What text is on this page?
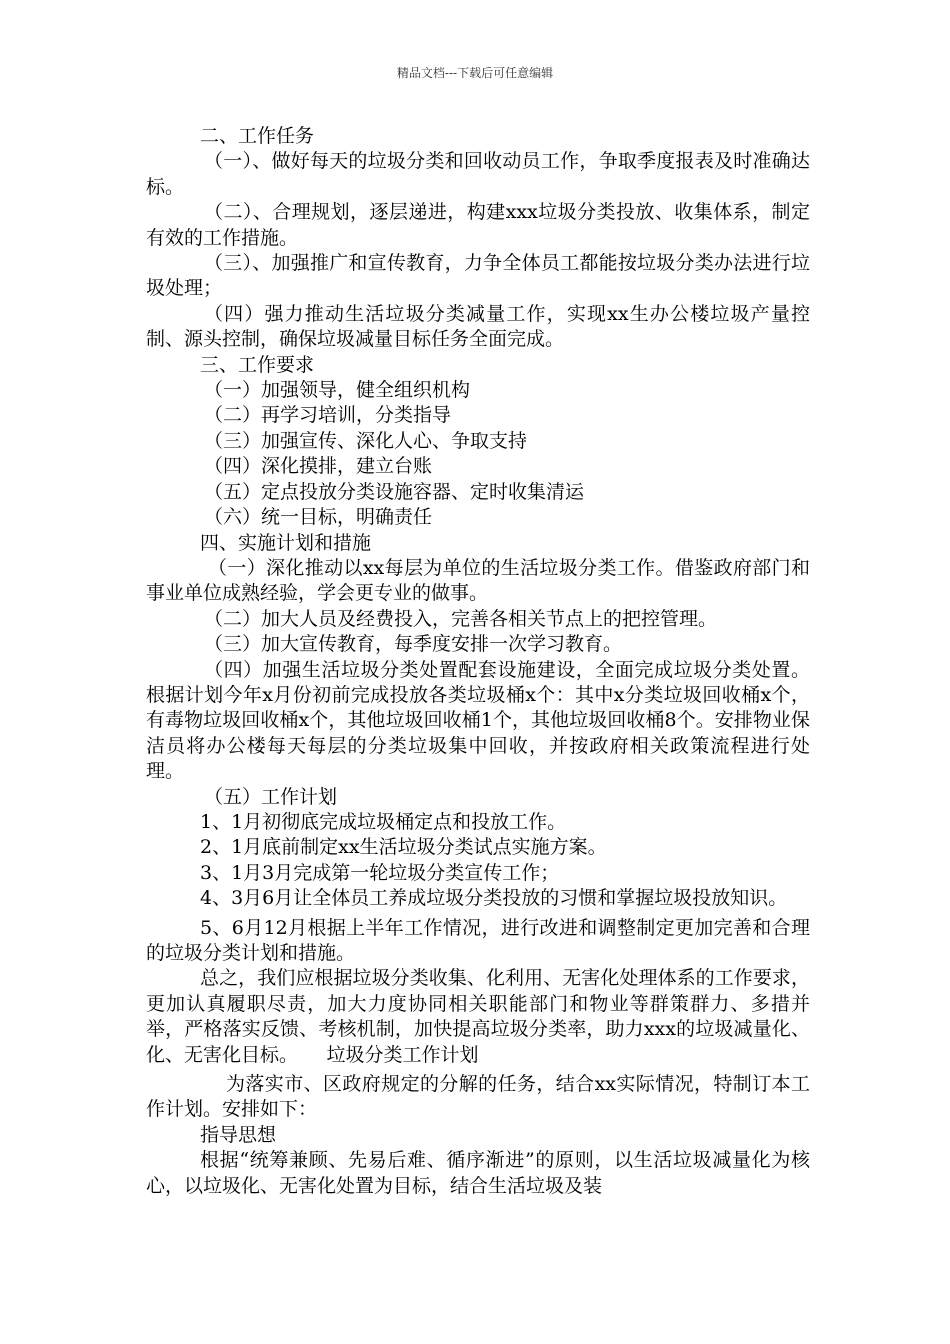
精品文档---下载后可任意编辑

二、工作任务

（一）、做好每天的垃圾分类和回收动员工作，争取季度报表及时准确达标。

（二）、合理规划，逐层递进，构建xxx垃圾分类投放、收集体系，制定有效的工作措施。

（三）、加强推广和宣传教育，力争全体员工都能按垃圾分类办法进行垃圾处理；

（四）强力推动生活垃圾分类减量工作，实现xx生办公楼垃圾产量控制、源头控制，确保垃圾减量目标任务全面完成。

三、工作要求

（一）加强领导，健全组织机构

（二）再学习培训，分类指导

（三）加强宣传、深化人心、争取支持

（四）深化摸排，建立台账

（五）定点投放分类设施容器、定时收集清运

（六）统一目标，明确责任

四、实施计划和措施

（一）深化推动以xx每层为单位的生活垃圾分类工作。借鉴政府部门和事业单位成熟经验，学会更专业的做事。

（二）加大人员及经费投入，完善各相关节点上的把控管理。

（三）加大宣传教育，每季度安排一次学习教育。

（四）加强生活垃圾分类处置配套设施建设，全面完成垃圾分类处置。根据计划今年x月份初前完成投放各类垃圾桶x个：其中x分类垃圾回收桶x个，有毒物垃圾回收桶x个，其他垃圾回收桶1个，其他垃圾回收桶8个。安排物业保洁员将办公楼每天每层的分类垃圾集中回收，并按政府相关政策流程进行处理。

（五）工作计划

1、1月初彻底完成垃圾桶定点和投放工作。

2、1月底前制定xx生活垃圾分类试点实施方案。

3、1月3月完成第一轮垃圾分类宣传工作；

4、3月6月让全体员工养成垃圾分类投放的习惯和掌握垃圾投放知识。

5、6月12月根据上半年工作情况，进行改进和调整制定更加完善和合理的垃圾分类计划和措施。

总之，我们应根据垃圾分类收集、化利用、无害化处理体系的工作要求，更加认真履职尽责，加大力度协同相关职能部门和物业等群策群力、多措并举，严格落实反馈、考核机制，加快提高垃圾分类率，助力xxx的垃圾减量化、化、无害化目标。　　垃圾分类工作计划

为落实市、区政府规定的分解的任务，结合xx实际情况，特制订本工作计划。安排如下：

指导思想

根据“统筹兼顾、先易后难、循序渐进”的原则，以生活垃圾减量化为核心，以垃圾化、无害化处置为目标，结合生活垃圾及装
